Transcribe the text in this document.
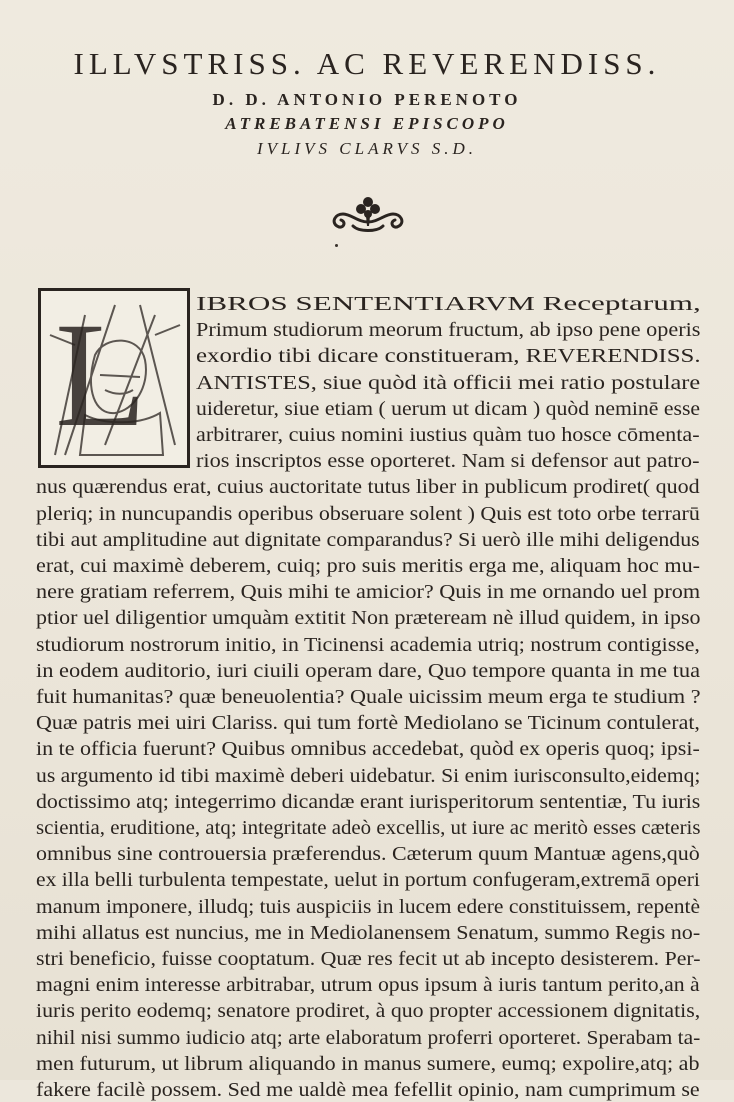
ILLVSTRISS. AC REVERENDISS.
D. D. ANTONIO PERENOTO
ATREBATENSI EPISCOPO
IVLIVS CLARVS S.D.
L IBROS SENTENTIARVM Receptarum,
Primum studiorum meorum fructum, ab ipso pene operis
exordio tibi dicare constitueram, REVERENDISS.
ANTISTES, siue quòd ità officii mei ratio postulare
uideretur, siue etiam ( uerum ut dicam ) quòd neminē esse
arbitrarer, cuius nomini iustius quàm tuo hosce cōmenta-
rios inscriptos esse oporteret. Nam si defensor aut patro-
nus quærendus erat, cuius auctoritate tutus liber in publicum prodiret( quod
pleriq; in nuncupandis operibus obseruare solent ) Quis est toto orbe terrarū
tibi aut amplitudine aut dignitate comparandus? Si uerò ille mihi deligendus
erat, cui maximè deberem, cuiq; pro suis meritis erga me, aliquam hoc mu-
nere gratiam referrem, Quis mihi te amicior? Quis in me ornando uel prom
ptior uel diligentior umquàm extitit Non præteream nè illud quidem, in ipso
studiorum nostrorum initio, in Ticinensi academia utriq; nostrum contigisse,
in eodem auditorio, iuri ciuili operam dare, Quo tempore quanta in me tua
fuit humanitas? quæ beneuolentia? Quale uicissim meum erga te studium ?
Quæ patris mei uiri Clariss. qui tum fortè Mediolano se Ticinum contulerat,
in te officia fuerunt? Quibus omnibus accedebat, quòd ex operis quoq; ipsi-
us argumento id tibi maximè deberi uidebatur. Si enim iurisconsulto,eidemq;
doctissimo atq; integerrimo dicandæ erant iurisperitorum sententiæ, Tu iuris
scientia, eruditione, atq; integritate adeò excellis, ut iure ac meritò esses cæteris
omnibus sine controuersia præferendus. Cæterum quum Mantuæ agens,quò
ex illa belli turbulenta tempestate, uelut in portum confugeram,extremā operi
manum imponere, illudq; tuis auspiciis in lucem edere constituissem, repentè
mihi allatus est nuncius, me in Mediolanensem Senatum, summo Regis no-
stri beneficio, fuisse cooptatum. Quæ res fecit ut ab incepto desisterem. Per-
magni enim interesse arbitrabar, utrum opus ipsum à iuris tantum perito,an à
iuris perito eodemq; senatore prodiret, à quo propter accessionem dignitatis,
nihil nisi summo iudicio atq; arte elaboratum proferri oporteret. Sperabam ta-
men futurum, ut librum aliquando in manus sumere, eumq; expolire,atq; ab
fakere facilè possem. Sed me ualdè mea fefellit opinio, nam cumprimum se
